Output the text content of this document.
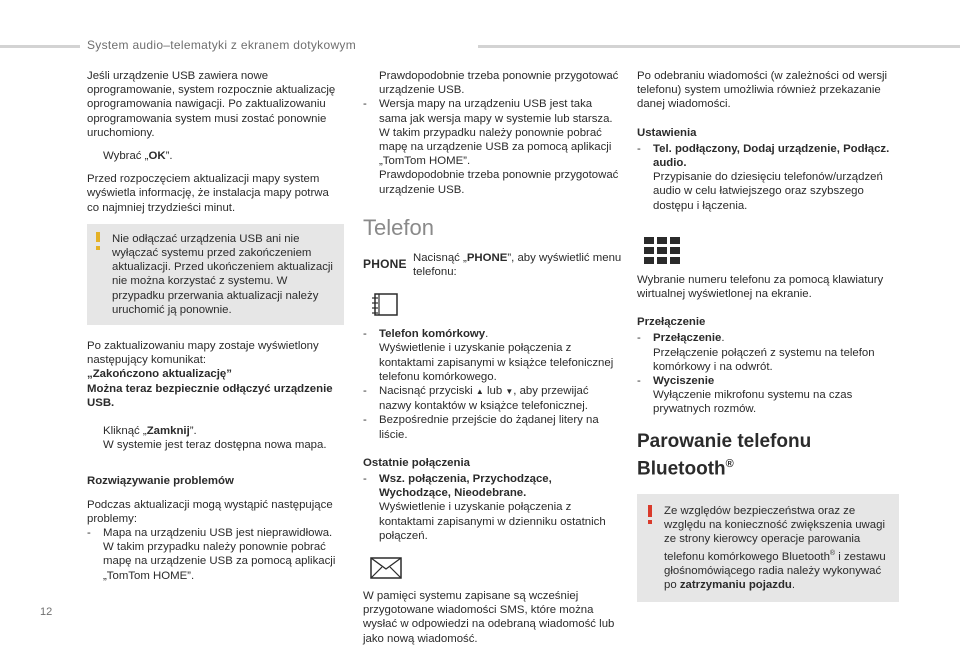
System audio–telematyki z ekranem dotykowym

Jeśli urządzenie USB zawiera nowe oprogramowanie, system rozpocznie aktualizację oprogramowania nawigacji. Po zaktualizowaniu oprogramowania system musi zostać ponownie uruchomiony.

Wybrać „OK”.

Przed rozpoczęciem aktualizacji mapy system wyświetla informację, że instalacja mapy potrwa co najmniej trzydzieści minut.

Nie odłączać urządzenia USB ani nie wyłączać systemu przed zakończeniem aktualizacji. Przed ukończeniem aktualizacji nie można korzystać z systemu. W przypadku przerwania aktualizacji należy uruchomić ją ponownie.

Po zaktualizowaniu mapy zostaje wyświetlony następujący komunikat:
„Zakończono aktualizację”
Można teraz bezpiecznie odłączyć urządzenie USB.

Kliknąć „Zamknij”.
W systemie jest teraz dostępna nowa mapa.

Rozwiązywanie problemów

Podczas aktualizacji mogą wystąpić następujące problemy:

- Mapa na urządzeniu USB jest nieprawidłowa.
W takim przypadku należy ponownie pobrać mapę na urządzenie USB za pomocą aplikacji „TomTom HOME”.
Prawdopodobnie trzeba ponownie przygotować urządzenie USB.
- Wersja mapy na urządzeniu USB jest taka sama jak wersja mapy w systemie lub starsza.
W takim przypadku należy ponownie pobrać mapę na urządzenie USB za pomocą aplikacji „TomTom HOME”.
Prawdopodobnie trzeba ponownie przygotować urządzenie USB.
Telefon
PHONE Nacisnąć „PHONE”, aby wyświetlić menu telefonu:
- Telefon komórkowy.
Wyświetlenie i uzyskanie połączenia z kontaktami zapisanymi w książce telefonicznej telefonu komórkowego.
- Nacisnąć przyciski ▲ lub ▼, aby przewijać nazwy kontaktów w książce telefonicznej.
- Bezpośrednie przejście do żądanej litery na liście.

Ostatnie połączenia

- Wsz. połączenia, Przychodzące, Wychodzące, Nieodebrane.
Wyświetlenie i uzyskanie połączenia z kontaktami zapisanymi w dzienniku ostatnich połączeń.

W pamięci systemu zapisane są wcześniej przygotowane wiadomości SMS, które można wysłać w odpowiedzi na odebraną wiadomość lub jako nową wiadomość.

Po odebraniu wiadomości (w zależności od wersji telefonu) system umożliwia również przekazanie danej wiadomości.

Ustawienia

- Tel. podłączony, Dodaj urządzenie, Podłącz. audio.
Przypisanie do dziesięciu telefonów/urządzeń audio w celu łatwiejszego oraz szybszego dostępu i łączenia.

Wybranie numeru telefonu za pomocą klawiatury wirtualnej wyświetlonej na ekranie.

Przełączenie

- Przełączenie.
Przełączenie połączeń z systemu na telefon komórkowy i na odwrót.
- Wyciszenie
Wyłączenie mikrofonu systemu na czas prywatnych rozmów.
Parowanie telefonu
Bluetooth®
Ze względów bezpieczeństwa oraz ze względu na konieczność zwiększenia uwagi ze strony kierowcy operacje parowania telefonu komórkowego Bluetooth® i zestawu głośnomówiącego radia należy wykonywać po zatrzymaniu pojazdu.
12
